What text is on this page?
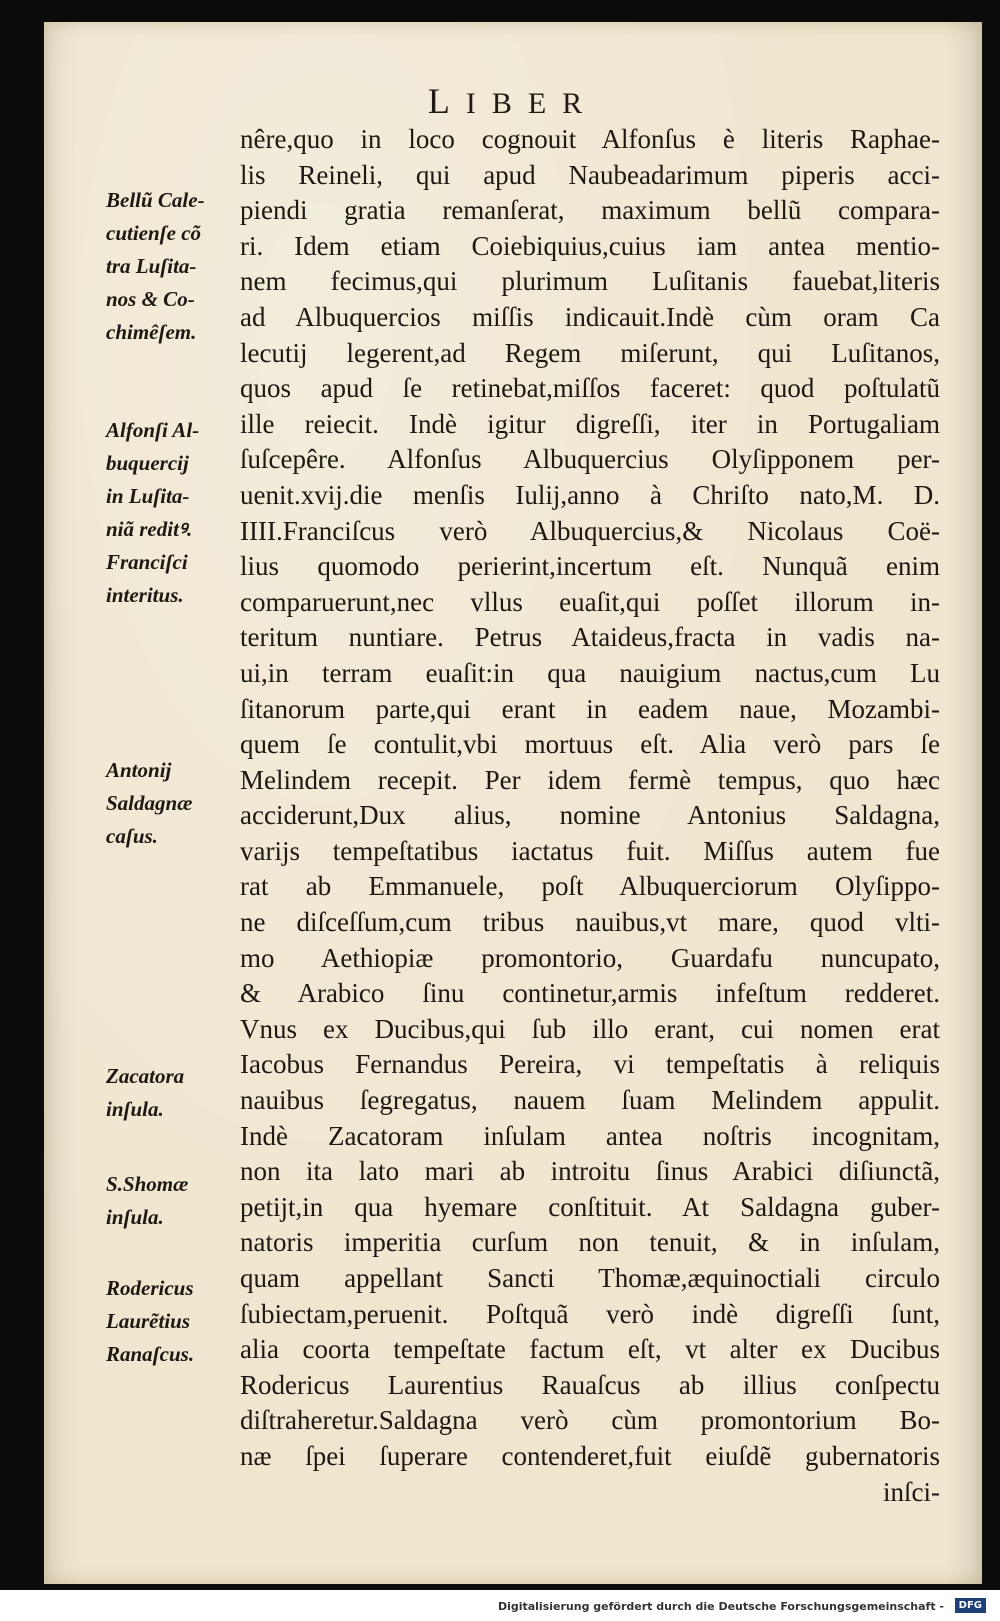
LIBER
nêre,quo in loco cognouit Alfonſus è literis Raphae-
lis Reineli, qui apud Naubeadarimum piperis acci-
piendi gratia remanſerat, maximum bellũ compara-
ri. Idem etiam Coiebiquius,cuius iam antea mentio-
nem fecimus,qui plurimum Luſitanis fauebat,literis
ad Albuquercios miſſis indicauit.Indè cùm oram Ca
lecutij legerent,ad Regem miſerunt, qui Luſitanos,
quos apud ſe retinebat,miſſos faceret: quod poſtulatũ
ille reiecit. Indè igitur digreſſi, iter in Portugaliam
ſuſcepêre. Alfonſus Albuquercius Olyſipponem per-
uenit.xvij.die menſis Iulij,anno à Chriſto nato,M. D.
IIII.Franciſcus verò Albuquercius,& Nicolaus Coë-
lius quomodo perierint,incertum eſt. Nunquã enim
comparuerunt,nec vllus euaſit,qui poſſet illorum in-
teritum nuntiare. Petrus Ataideus,fracta in vadis na-
ui,in terram euaſit:in qua nauigium nactus,cum Lu
ſitanorum parte,qui erant in eadem naue, Mozambi-
quem ſe contulit,vbi mortuus eſt. Alia verò pars ſe
Melindem recepit. Per idem fermè tempus, quo hæc
acciderunt,Dux alius, nomine Antonius Saldagna,
varijs tempeſtatibus iactatus fuit. Miſſus autem fue
rat ab Emmanuele, poſt Albuquerciorum Olyſippo-
ne diſceſſum,cum tribus nauibus,vt mare, quod vlti-
mo Aethiopiæ promontorio, Guardafu nuncupato,
& Arabico ſinu continetur,armis infeſtum redderet.
Vnus ex Ducibus,qui ſub illo erant, cui nomen erat
Iacobus Fernandus Pereira, vi tempeſtatis à reliquis
nauibus ſegregatus, nauem ſuam Melindem appulit.
Indè Zacatoram inſulam antea noſtris incognitam,
non ita lato mari ab introitu ſinus Arabici diſiunctã,
petijt,in qua hyemare conſtituit. At Saldagna guber-
natoris imperitia curſum non tenuit, & in inſulam,
quam appellant Sancti Thomæ,æquinoctiali circulo
ſubiectam,peruenit. Poſtquã verò indè digreſſi ſunt,
alia coorta tempeſtate factum eſt, vt alter ex Ducibus
Rodericus Laurentius Rauaſcus ab illius conſpectu
diſtraheretur.Saldagna verò cùm promontorium Bo-
næ ſpei ſuperare contenderet,fuit eiuſdẽ gubernatoris
inſci-
Bellũ Cale-
cutienſe cõ
tra Luſita-
nos & Co-
chimêſem.
Alfonſi Al-
buquercij
in Luſita-
niã reditꝰ.
Franciſci
interitus.
Antonij
Saldagnæ
caſus.
Zacatora
inſula.
S.Shomæ
inſula.
Rodericus
Laurẽtius
Ranaſcus.
Digitalisierung gefördert durch die Deutsche Forschungsgemeinschaft -	DFG
